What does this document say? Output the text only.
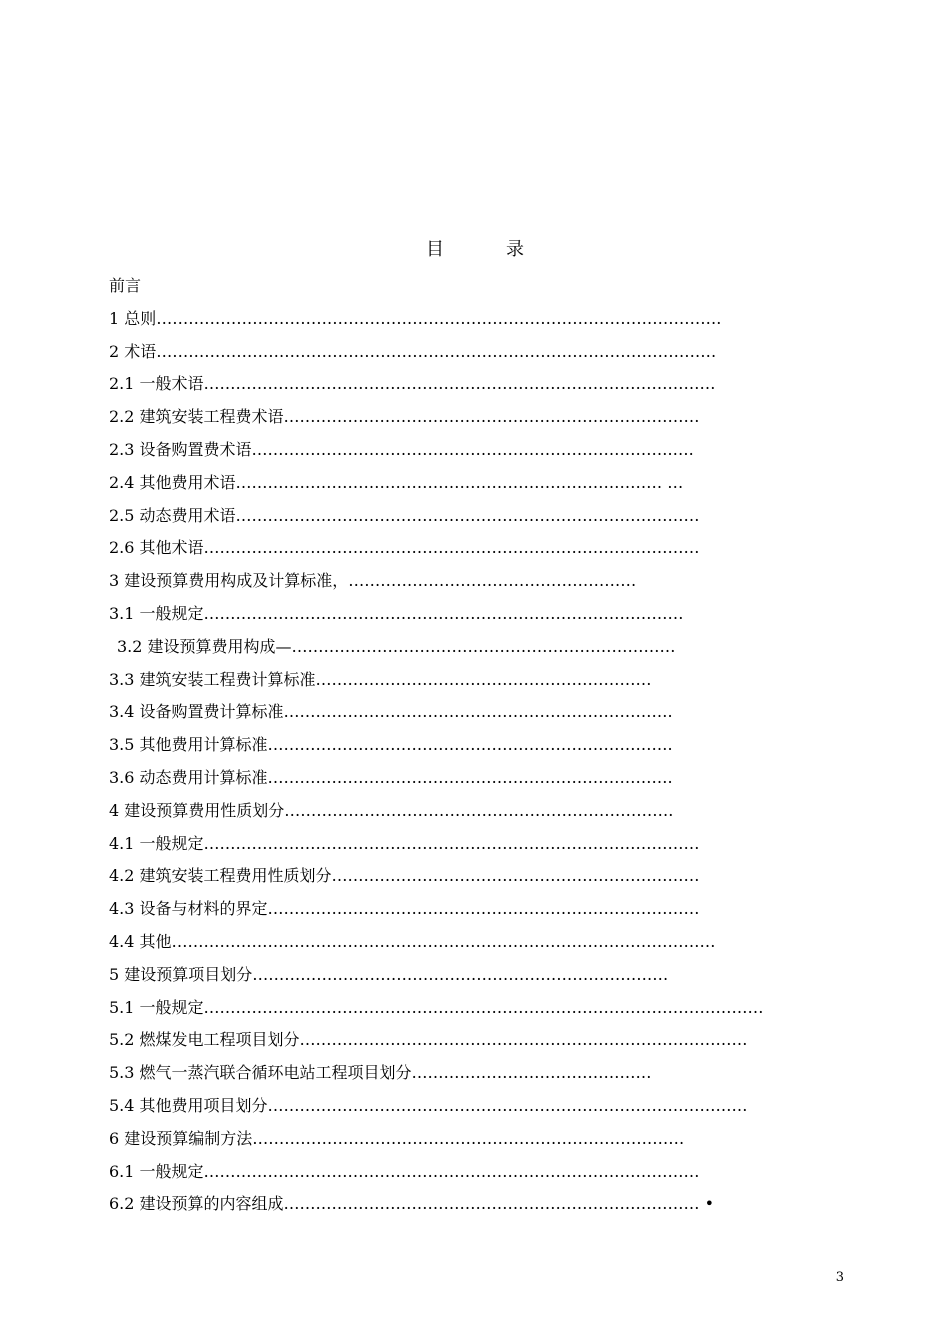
目　录
前言
1 总则…………………………………………………………………………………………….
2 术语……………………………………………………………………………………………
2.1 一般术语……………………………………………………………………………………
2.2 建筑安装工程费术语……………………………………………………………………
2.3 设备购置费术语…………………………………………………………………….….
2.4 其他费用术语……………………………………………………………………‥ …
2.5 动态费用术语……………………………………………………………………………
2.6 其他术语…………………………………………………………………………………
3 建设预算费用构成及计算标准，………………………………………………
3.1 一般规定………………………………………………………………………………
3.2 建设预算费用构成—………………………………………………………………
3.3 建筑安装工程费计算标准………………………………………………………
3.4 设备购置费计算标准……………………………………………………………….
3.5 其他费用计算标准………………………………………………………………….
3.6 动态费用计算标准………………………………………………………………….
4 建设预算费用性质划分……………………………………………………………….
4.1 一般规定…………………………………………………………………………………
4.2 建筑安装工程费用性质划分……………………………………………………………
4.3 设备与材料的界定………………………………………………………………………
4.4 其他…………………………………………………………………………………………
5 建设预算项目划分……………………………………………………………………
5.1 一般规定……………………………………………………………………………………………
5.2 燃煤发电工程项目划分…………………………………………………………………………
5.3 燃气一蒸汽联合循环电站工程项目划分………………………………………
5.4 其他费用项目划分………………………………………………………………………………
6 建设预算编制方法………………………………………………………………………
6.1 一般规定…………………………………………………………………………………
6.2 建设预算的内容组成…………………………………………………………………… •
3
